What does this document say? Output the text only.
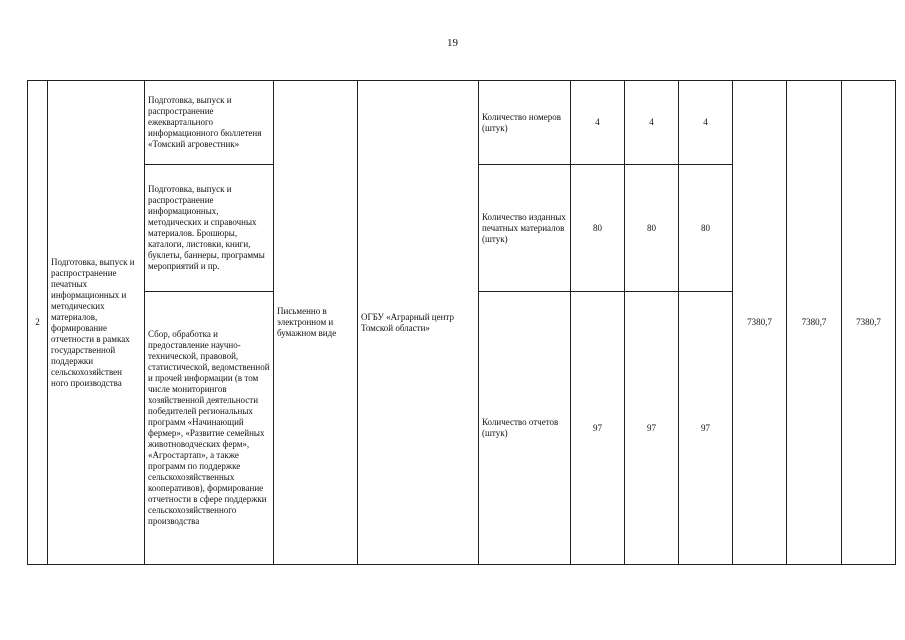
19
2	Подготовка, выпуск и распространение печатных информационных и методических материалов, формирование отчетности в рамках государственной поддержки сельскохозяйствен ного производства	Подготовка, выпуск и распространение ежеквартального информационного бюллетеня «Томский агровестник»	Письменно в электронном и бумажном виде	ОГБУ «Аграрный центр Томской области»	Количество номеров (штук)	4	4	4	7380,7	7380,7	7380,7
		Подготовка, выпуск и распространение информационных, методических и справочных материалов. Брошюры, каталоги, листовки, книги, буклеты, баннеры, программы мероприятий и пр.			Количество изданных печатных материалов (штук)	80	80	80			
		Сбор, обработка и предоставление научно-технической, правовой, статистической, ведомственной и прочей информации (в том числе мониторингов хозяйственной деятельности победителей региональных программ «Начинающий фермер», «Развитие семейных животноводческих ферм», «Агростартап», а также программ по поддержке сельскохозяйственных кооперативов), формирование отчетности в сфере поддержки сельскохозяйственного производства			Количество отчетов (штук)	97	97	97			
